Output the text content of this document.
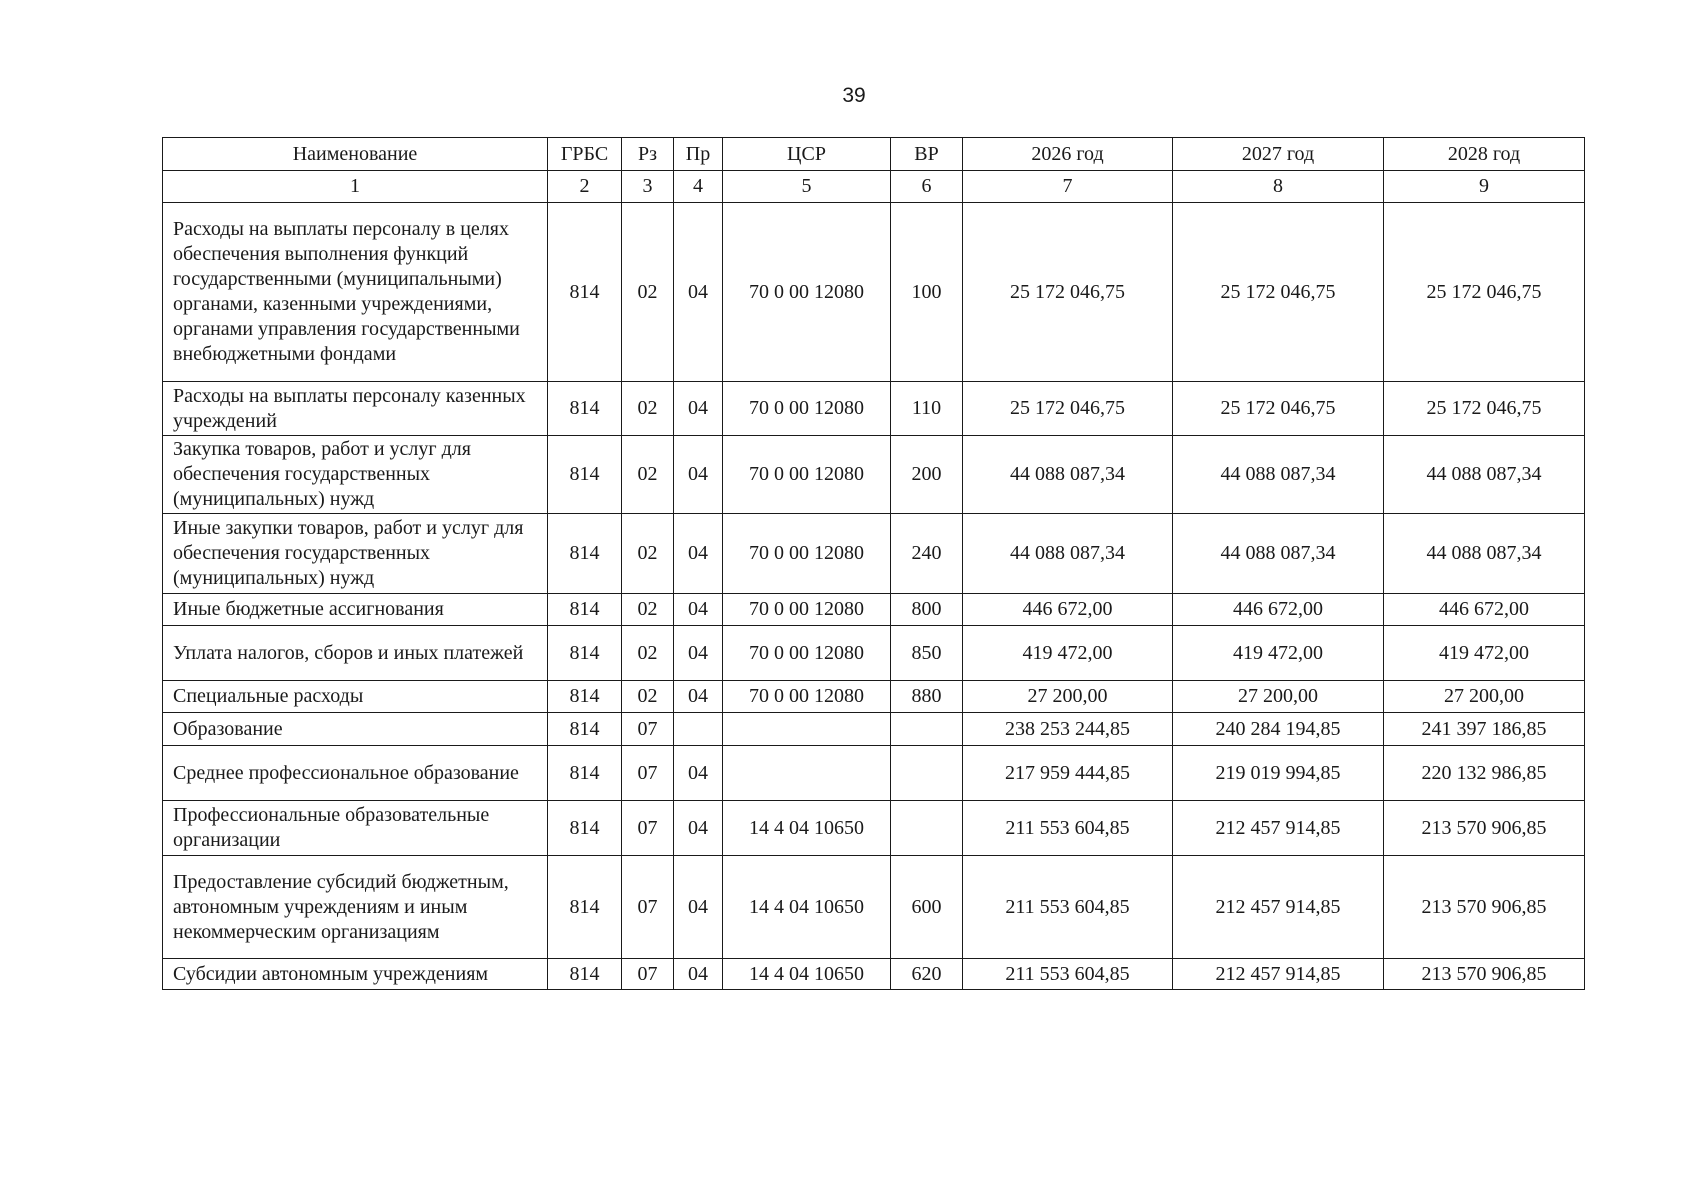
39
Наименование	ГРБС	Рз	Пр	ЦСР	ВР	2026 год	2027 год	2028 год
1	2	3	4	5	6	7	8	9
Расходы на выплаты персоналу в целях обеспечения выполнения функций государственными (муниципальными) органами, казенными учреждениями, органами управления государственными внебюджетными фондами	814	02	04	70 0 00 12080	100	25 172 046,75	25 172 046,75	25 172 046,75
Расходы на выплаты персоналу казенных учреждений	814	02	04	70 0 00 12080	110	25 172 046,75	25 172 046,75	25 172 046,75
Закупка товаров, работ и услуг для обеспечения государственных (муниципальных) нужд	814	02	04	70 0 00 12080	200	44 088 087,34	44 088 087,34	44 088 087,34
Иные закупки товаров, работ и услуг для обеспечения государственных (муниципальных) нужд	814	02	04	70 0 00 12080	240	44 088 087,34	44 088 087,34	44 088 087,34
Иные бюджетные ассигнования	814	02	04	70 0 00 12080	800	446 672,00	446 672,00	446 672,00
Уплата налогов, сборов и иных платежей	814	02	04	70 0 00 12080	850	419 472,00	419 472,00	419 472,00
Специальные расходы	814	02	04	70 0 00 12080	880	27 200,00	27 200,00	27 200,00
Образование	814	07				238 253 244,85	240 284 194,85	241 397 186,85
Среднее профессиональное образование	814	07	04			217 959 444,85	219 019 994,85	220 132 986,85
Профессиональные образовательные организации	814	07	04	14 4 04 10650		211 553 604,85	212 457 914,85	213 570 906,85
Предоставление субсидий бюджетным, автономным учреждениям и иным некоммерческим организациям	814	07	04	14 4 04 10650	600	211 553 604,85	212 457 914,85	213 570 906,85
Субсидии автономным учреждениям	814	07	04	14 4 04 10650	620	211 553 604,85	212 457 914,85	213 570 906,85
